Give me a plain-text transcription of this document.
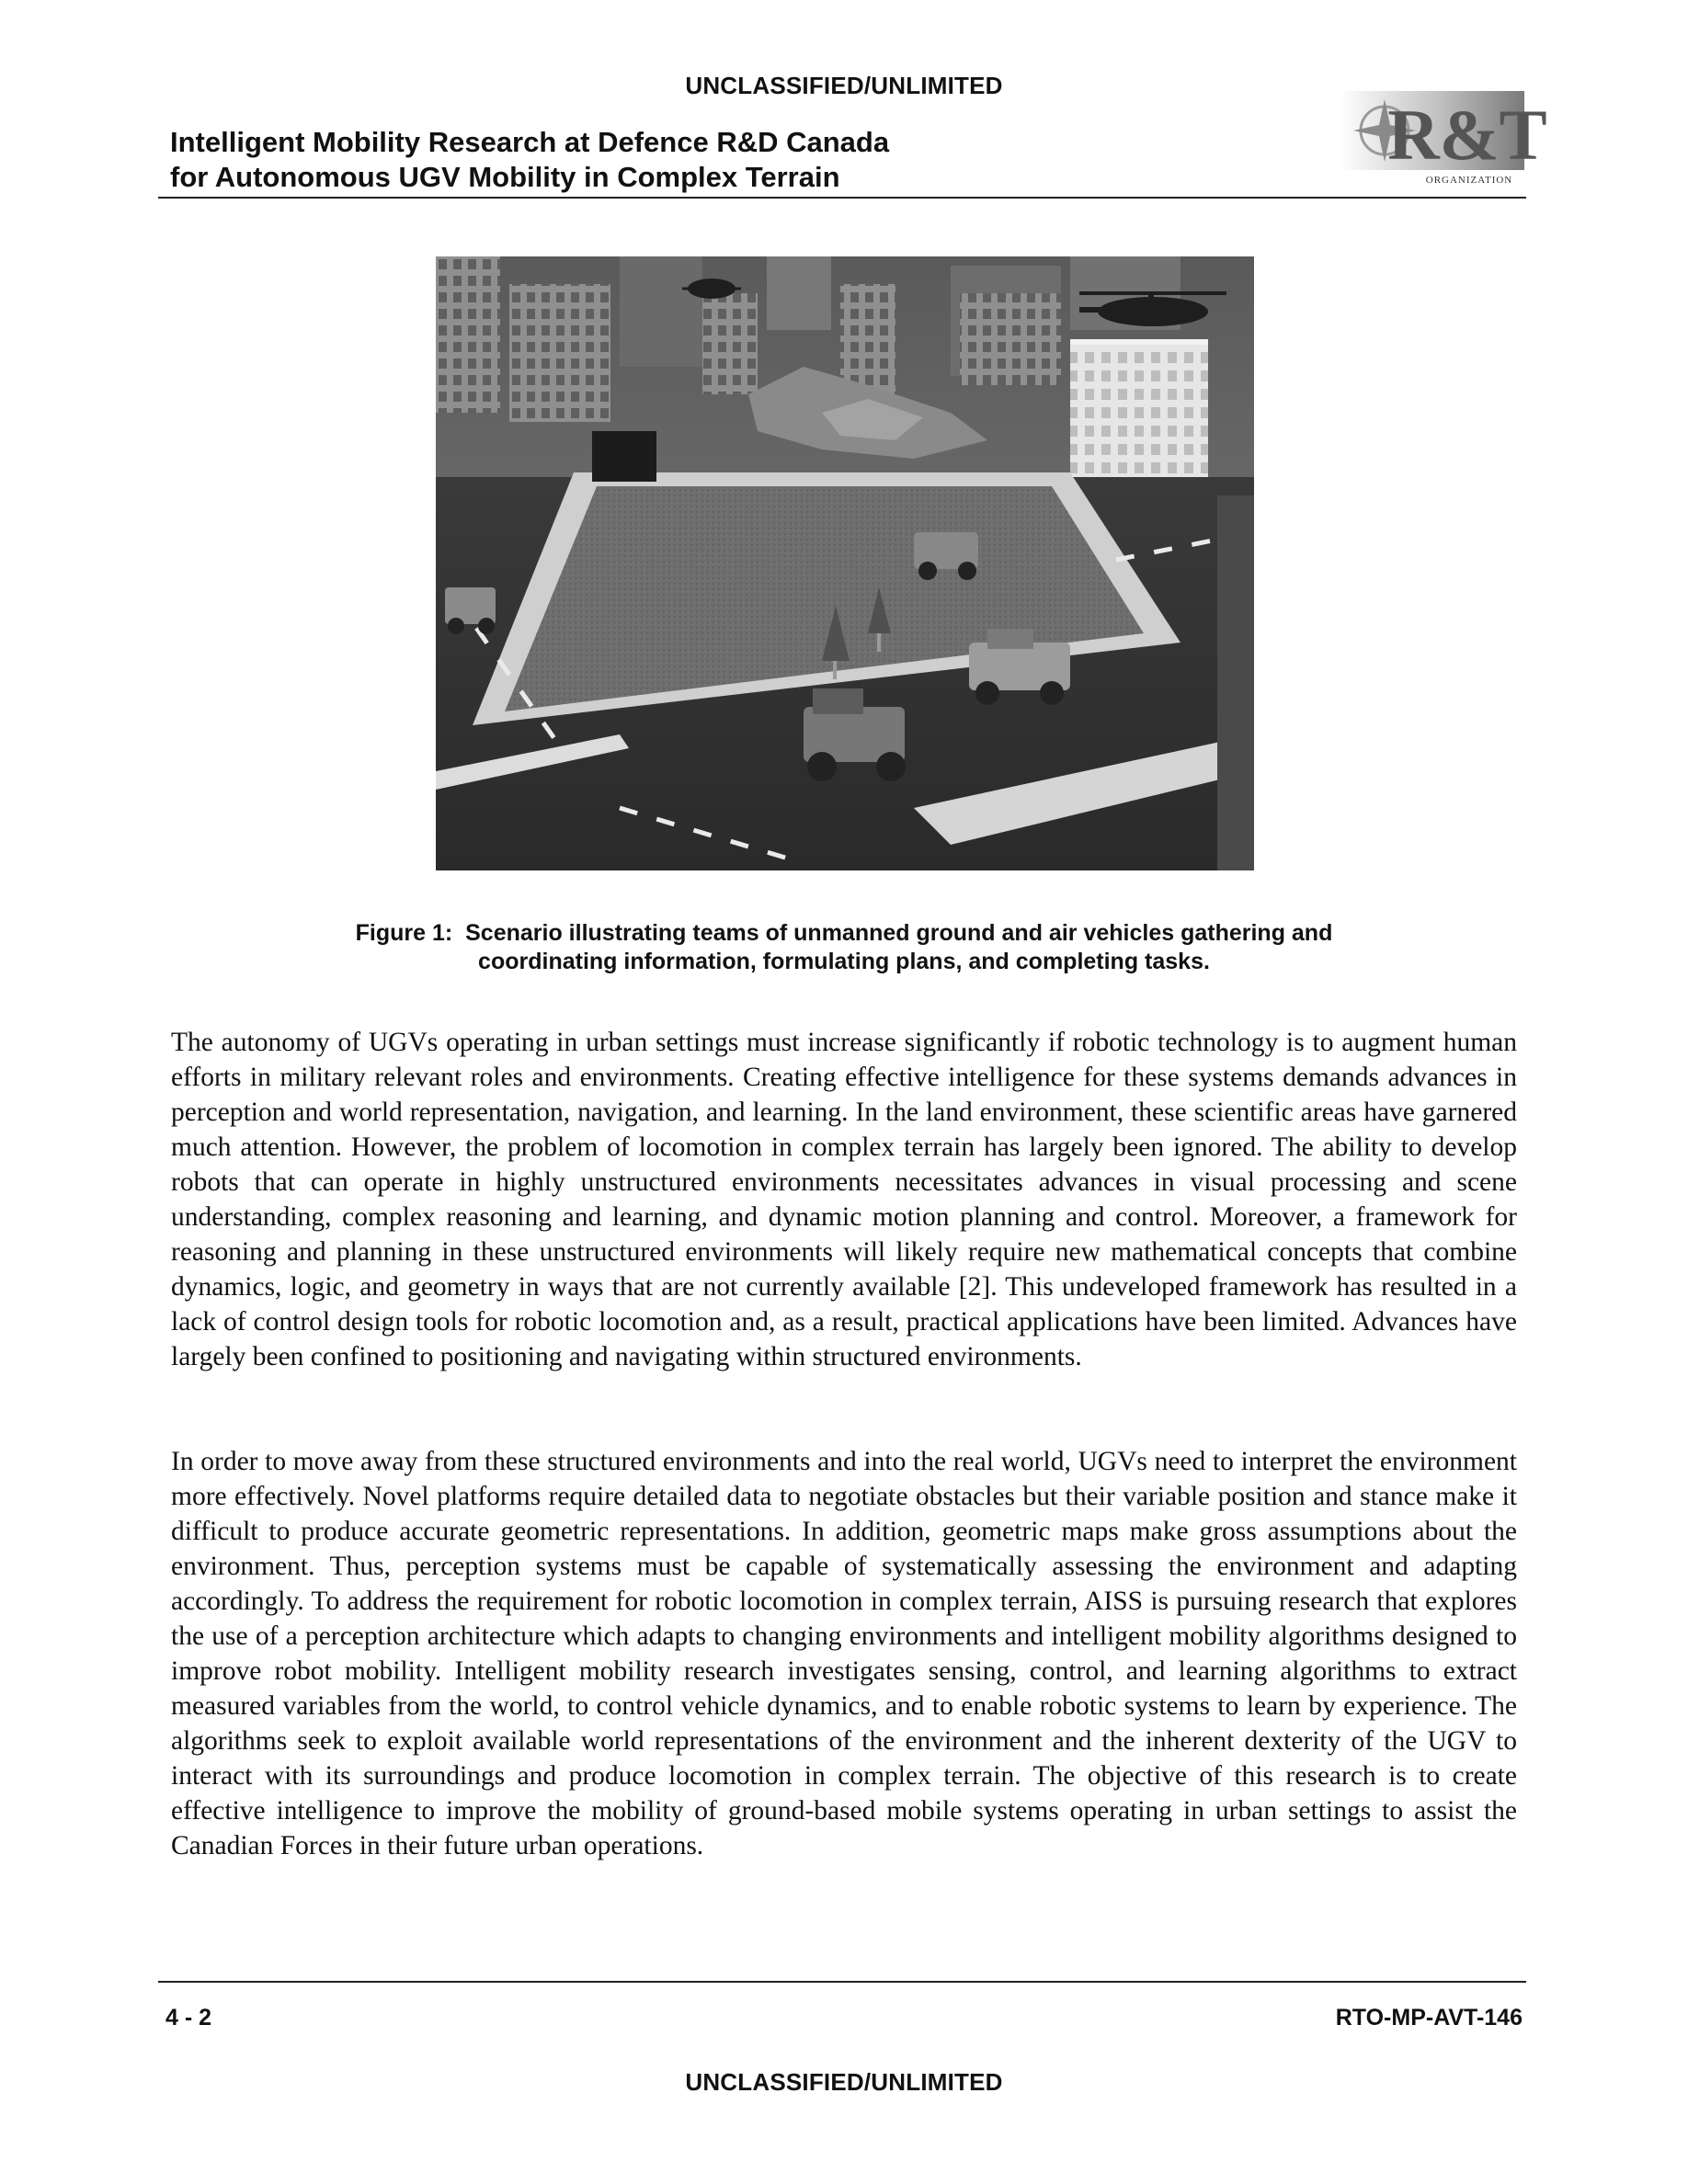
UNCLASSIFIED/UNLIMITED
Intelligent Mobility Research at Defence R&D Canada
for Autonomous UGV Mobility in Complex Terrain
R&T
ORGANIZATION
Figure 1: Scenario illustrating teams of unmanned ground and air vehicles gathering and
coordinating information, formulating plans, and completing tasks.

The autonomy of UGVs operating in urban settings must increase significantly if robotic technology is to augment human efforts in military relevant roles and environments. Creating effective intelligence for these systems demands advances in perception and world representation, navigation, and learning. In the land environment, these scientific areas have garnered much attention. However, the problem of locomotion in complex terrain has largely been ignored. The ability to develop robots that can operate in highly unstructured environments necessitates advances in visual processing and scene understanding, complex reasoning and learning, and dynamic motion planning and control. Moreover, a framework for reasoning and planning in these unstructured environments will likely require new mathematical concepts that combine dynamics, logic, and geometry in ways that are not currently available [2]. This undeveloped framework has resulted in a lack of control design tools for robotic locomotion and, as a result, practical applications have been limited. Advances have largely been confined to positioning and navigating within structured environments.

In order to move away from these structured environments and into the real world, UGVs need to interpret the environment more effectively. Novel platforms require detailed data to negotiate obstacles but their variable position and stance make it difficult to produce accurate geometric representations. In addition, geometric maps make gross assumptions about the environment. Thus, perception systems must be capable of systematically assessing the environment and adapting accordingly. To address the requirement for robotic locomotion in complex terrain, AISS is pursuing research that explores the use of a perception architecture which adapts to changing environments and intelligent mobility algorithms designed to improve robot mobility. Intelligent mobility research investigates sensing, control, and learning algorithms to extract measured variables from the world, to control vehicle dynamics, and to enable robotic systems to learn by experience. The algorithms seek to exploit available world representations of the environment and the inherent dexterity of the UGV to interact with its surroundings and produce locomotion in complex terrain. The objective of this research is to create effective intelligence to improve the mobility of ground-based mobile systems operating in urban settings to assist the Canadian Forces in their future urban operations.

4 - 2	RTO-MP-AVT-146
UNCLASSIFIED/UNLIMITED
